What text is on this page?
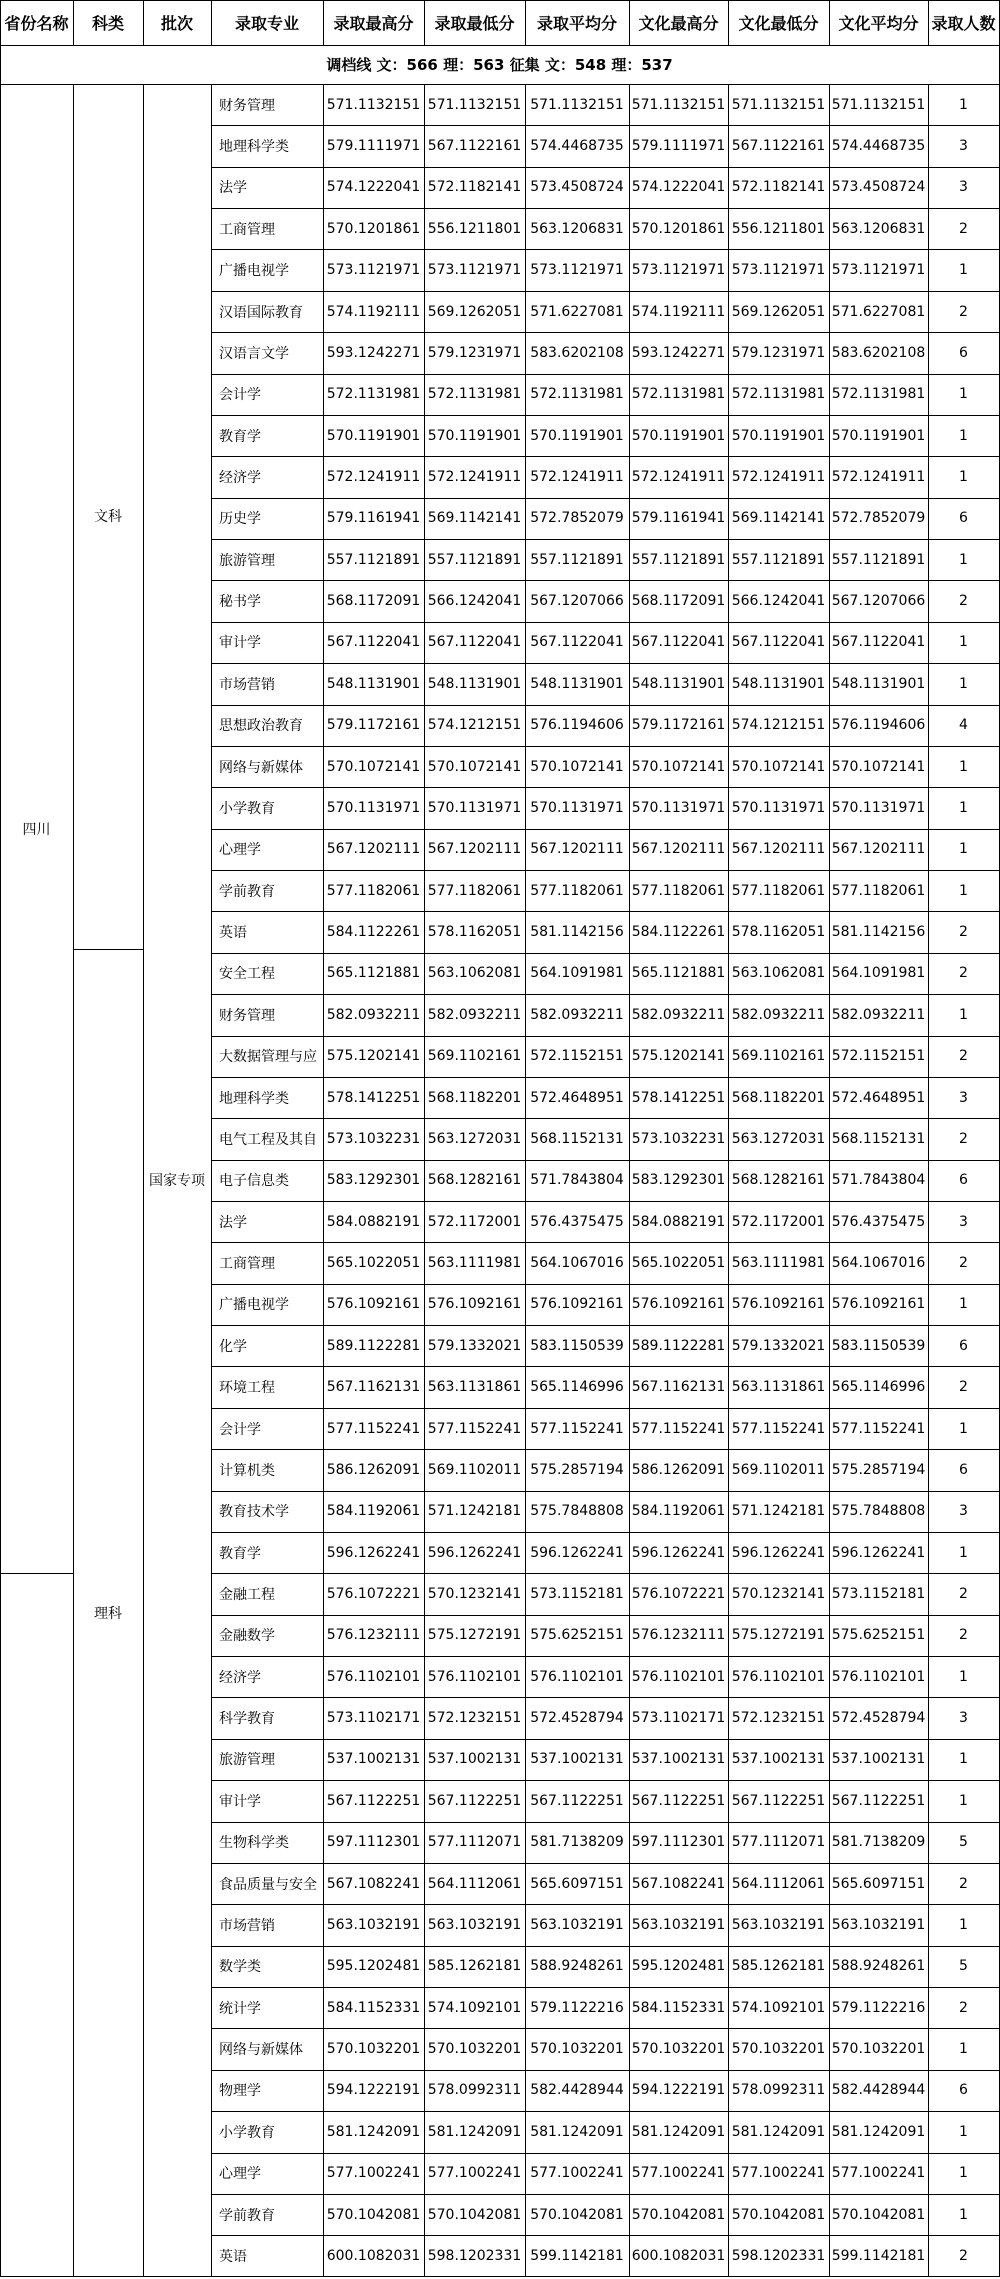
省份名称	科类	批次	录取专业	录取最高分	录取最低分	录取平均分	文化最高分	文化最低分	文化平均分 录取人数
调档线 文：566 理：563 征集 文：548 理：537
四川
文科
理科
国家专项
财务管理	571.1132151 571.1132151 571.1132151 571.1132151 571.1132151 571.1132151	1
地理科学类	579.1111971 567.1122161 574.4468735 579.1111971 567.1122161 574.4468735	3
法学	574.1222041 572.1182141 573.4508724 574.1222041 572.1182141 573.4508724	3
工商管理	570.1201861 556.1211801 563.1206831 570.1201861 556.1211801 563.1206831	2
广播电视学	573.1121971 573.1121971 573.1121971 573.1121971 573.1121971 573.1121971	1
汉语国际教育	574.1192111 569.1262051 571.6227081 574.1192111 569.1262051 571.6227081	2
汉语言文学	593.1242271 579.1231971 583.6202108 593.1242271 579.1231971 583.6202108	6
会计学	572.1131981 572.1131981 572.1131981 572.1131981 572.1131981 572.1131981	1
教育学	570.1191901 570.1191901 570.1191901 570.1191901 570.1191901 570.1191901	1
经济学	572.1241911 572.1241911 572.1241911 572.1241911 572.1241911 572.1241911	1
历史学	579.1161941 569.1142141 572.7852079 579.1161941 569.1142141 572.7852079	6
旅游管理	557.1121891 557.1121891 557.1121891 557.1121891 557.1121891 557.1121891	1
秘书学	568.1172091 566.1242041 567.1207066 568.1172091 566.1242041 567.1207066	2
审计学	567.1122041 567.1122041 567.1122041 567.1122041 567.1122041 567.1122041	1
市场营销	548.1131901 548.1131901 548.1131901 548.1131901 548.1131901 548.1131901	1
思想政治教育	579.1172161 574.1212151 576.1194606 579.1172161 574.1212151 576.1194606	4
网络与新媒体	570.1072141 570.1072141 570.1072141 570.1072141 570.1072141 570.1072141	1
小学教育	570.1131971 570.1131971 570.1131971 570.1131971 570.1131971 570.1131971	1
心理学	567.1202111 567.1202111 567.1202111 567.1202111 567.1202111 567.1202111	1
学前教育	577.1182061 577.1182061 577.1182061 577.1182061 577.1182061 577.1182061	1
英语	584.1122261 578.1162051 581.1142156 584.1122261 578.1162051 581.1142156	2
安全工程	565.1121881 563.1062081 564.1091981 565.1121881 563.1062081 564.1091981	2
财务管理	582.0932211 582.0932211 582.0932211 582.0932211 582.0932211 582.0932211	1
大数据管理与应 575.1202141 569.1102161 572.1152151 575.1202141 569.1102161 572.1152151	2
地理科学类	578.1412251 568.1182201 572.4648951 578.1412251 568.1182201 572.4648951	3
电气工程及其自 573.1032231 563.1272031 568.1152131 573.1032231 563.1272031 568.1152131	2
电子信息类	583.1292301 568.1282161 571.7843804 583.1292301 568.1282161 571.7843804	6
法学	584.0882191 572.1172001 576.4375475 584.0882191 572.1172001 576.4375475	3
工商管理	565.1022051 563.1111981 564.1067016 565.1022051 563.1111981 564.1067016	2
广播电视学	576.1092161 576.1092161 576.1092161 576.1092161 576.1092161 576.1092161	1
化学	589.1122281 579.1332021 583.1150539 589.1122281 579.1332021 583.1150539	6
环境工程	567.1162131 563.1131861 565.1146996 567.1162131 563.1131861 565.1146996	2
会计学	577.1152241 577.1152241 577.1152241 577.1152241 577.1152241 577.1152241	1
计算机类	586.1262091 569.1102011 575.2857194 586.1262091 569.1102011 575.2857194	6
教育技术学	584.1192061 571.1242181 575.7848808 584.1192061 571.1242181 575.7848808	3
教育学	596.1262241 596.1262241 596.1262241 596.1262241 596.1262241 596.1262241	1
金融工程	576.1072221 570.1232141 573.1152181 576.1072221 570.1232141 573.1152181	2
金融数学	576.1232111 575.1272191 575.6252151 576.1232111 575.1272191 575.6252151	2
经济学	576.1102101 576.1102101 576.1102101 576.1102101 576.1102101 576.1102101	1
科学教育	573.1102171 572.1232151 572.4528794 573.1102171 572.1232151 572.4528794	3
旅游管理	537.1002131 537.1002131 537.1002131 537.1002131 537.1002131 537.1002131	1
审计学	567.1122251 567.1122251 567.1122251 567.1122251 567.1122251 567.1122251	1
生物科学类	597.1112301 577.1112071 581.7138209 597.1112301 577.1112071 581.7138209	5
食品质量与安全 567.1082241 564.1112061 565.6097151 567.1082241 564.1112061 565.6097151	2
市场营销	563.1032191 563.1032191 563.1032191 563.1032191 563.1032191 563.1032191	1
数学类	595.1202481 585.1262181 588.9248261 595.1202481 585.1262181 588.9248261	5
统计学	584.1152331 574.1092101 579.1122216 584.1152331 574.1092101 579.1122216	2
网络与新媒体	570.1032201 570.1032201 570.1032201 570.1032201 570.1032201 570.1032201	1
物理学	594.1222191 578.0992311 582.4428944 594.1222191 578.0992311 582.4428944	6
小学教育	581.1242091 581.1242091 581.1242091 581.1242091 581.1242091 581.1242091	1
心理学	577.1002241 577.1002241 577.1002241 577.1002241 577.1002241 577.1002241	1
学前教育	570.1042081 570.1042081 570.1042081 570.1042081 570.1042081 570.1042081	1
英语	600.1082031 598.1202331 599.1142181 600.1082031 598.1202331 599.1142181	2
